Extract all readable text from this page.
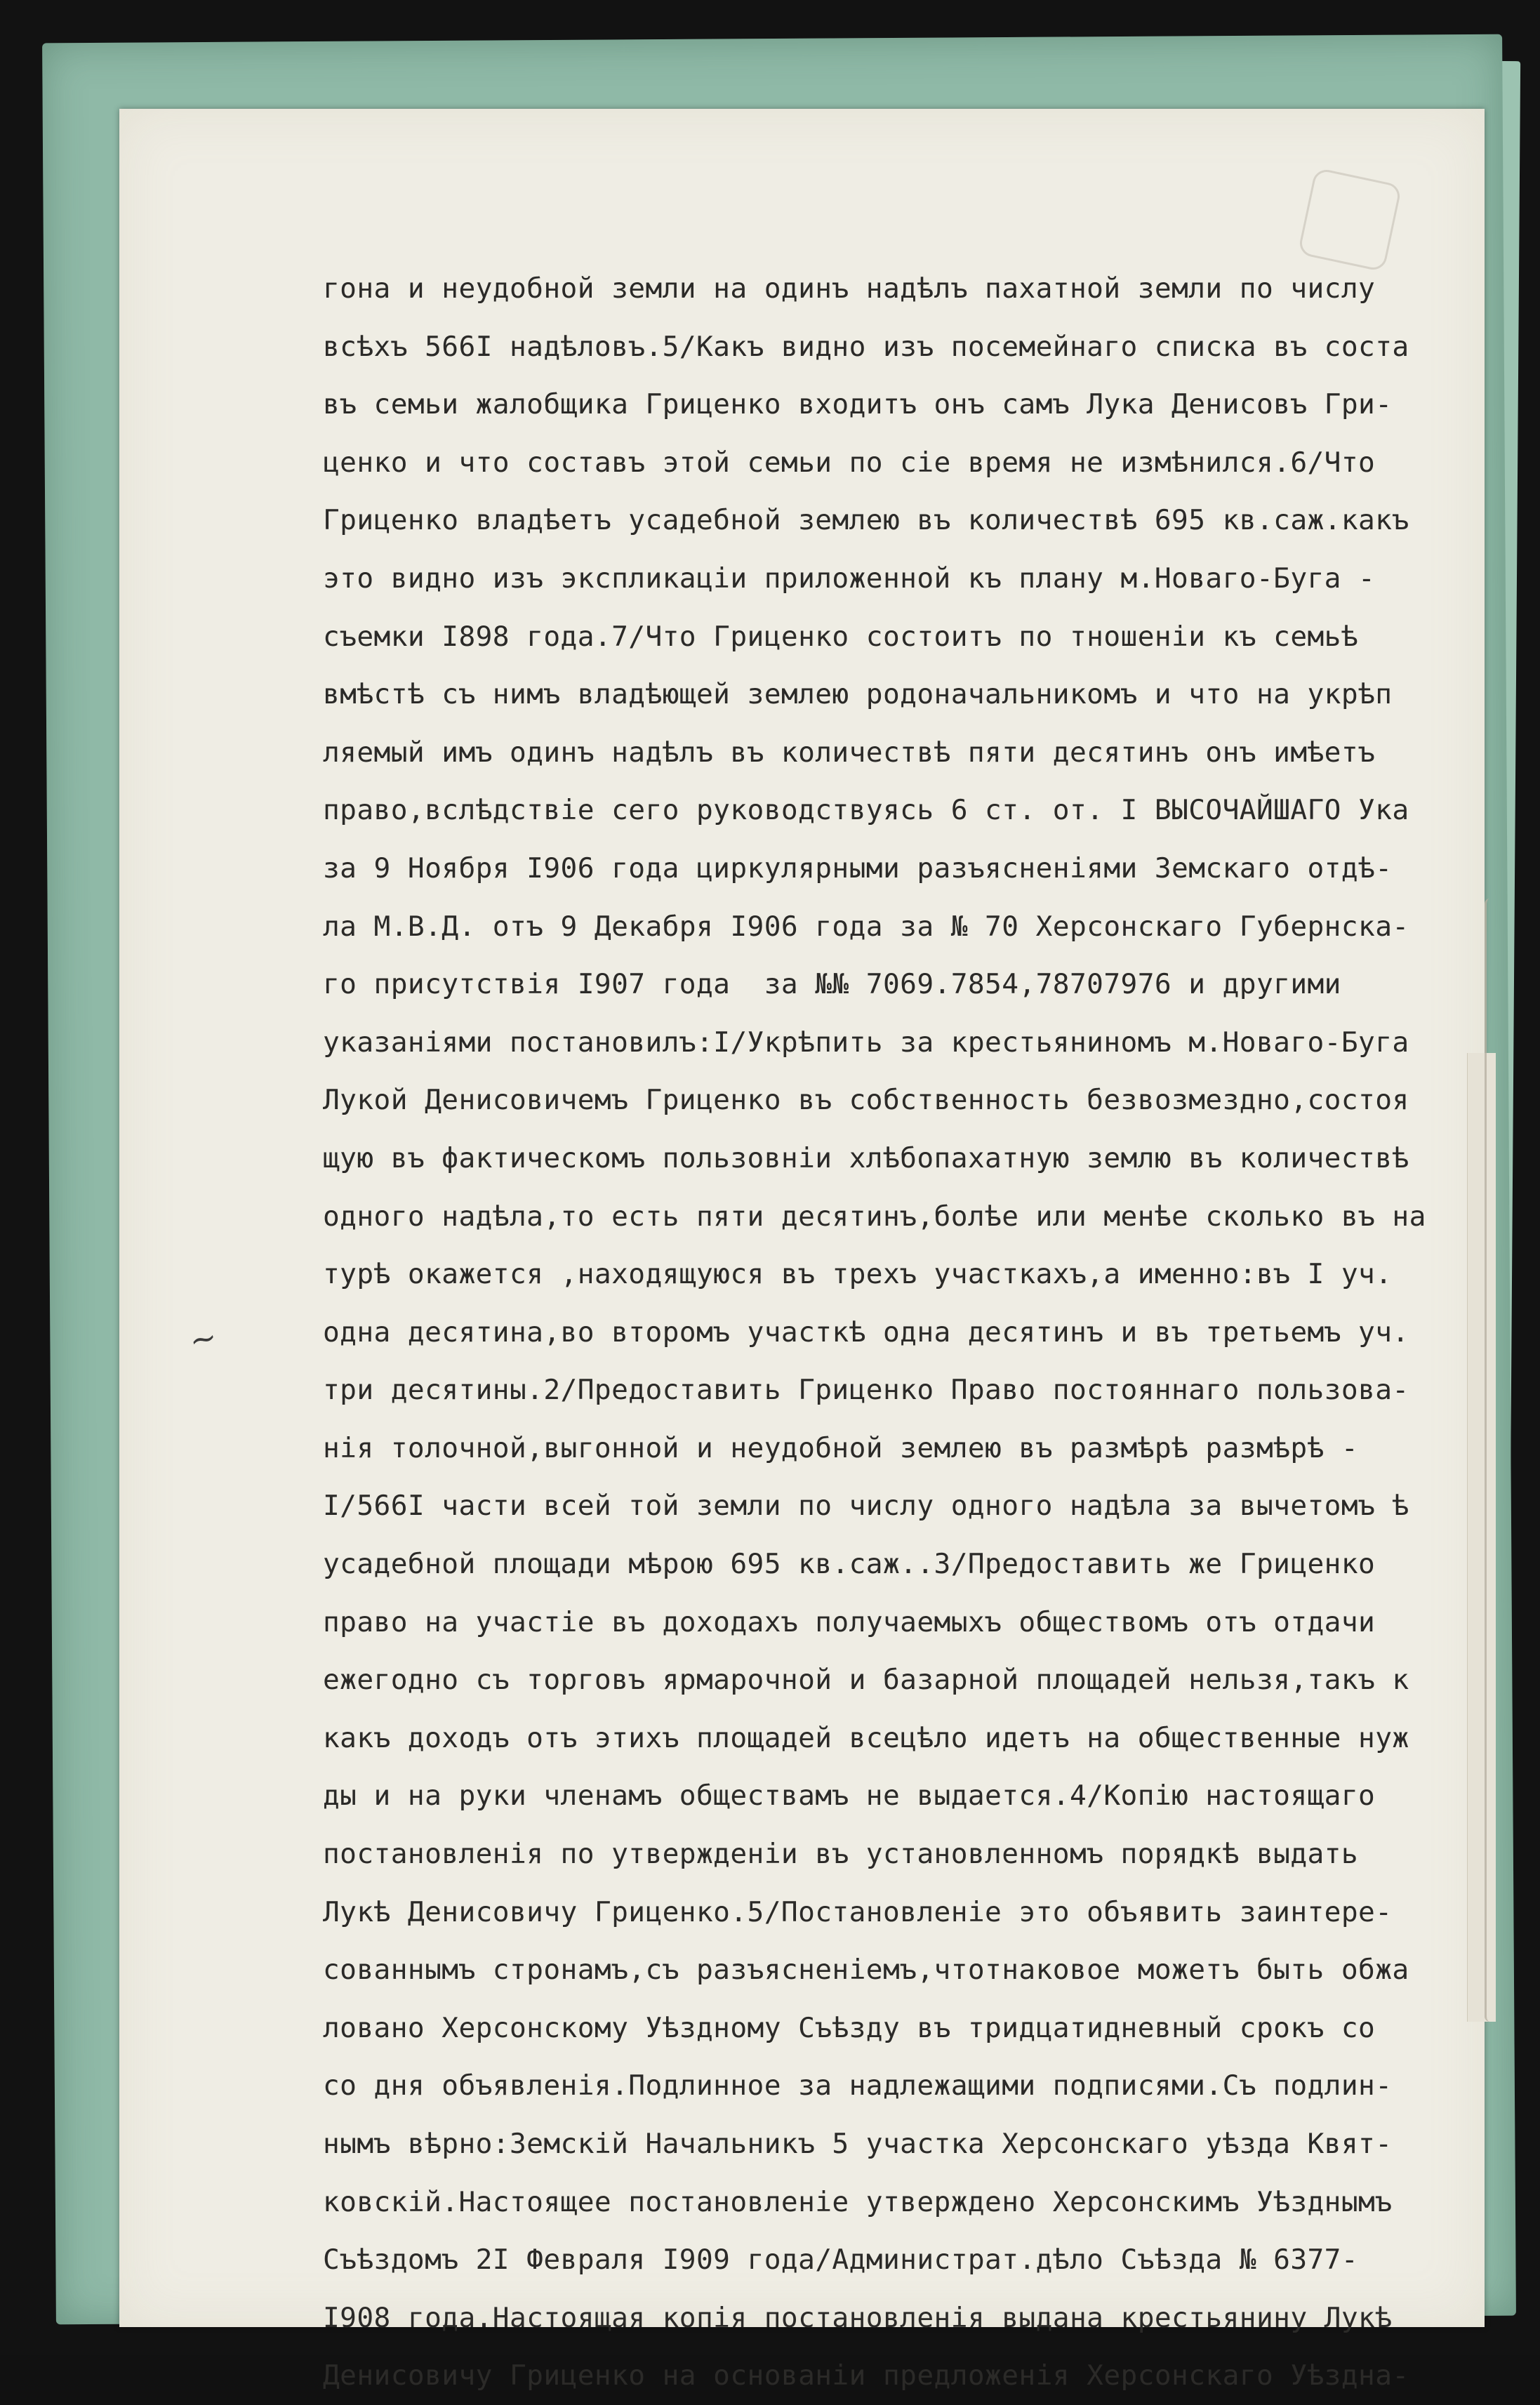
~
гона и неудобной земли на одинъ надѣлъ пахатной земли по числу
всѣхъ 566I надѣловъ.5/Какъ видно изъ посемейнаго списка въ соста
въ семьи жалобщика Гриценко входитъ онъ самъ Лука Денисовъ Гри-
ценко и что составъ этой семьи по сiе время не измѣнился.6/Что
Гриценко владѣетъ усадебной землею въ количествѣ 695 кв.саж.какъ
это видно изъ экспликацiи приложенной къ плану м.Новаго-Буга -
съемки I898 года.7/Что Гриценко состоитъ по тношенiи къ семьѣ
вмѣстѣ съ нимъ владѣющей землею родоначальникомъ и что на укрѣп
ляемый имъ одинъ надѣлъ въ количествѣ пяти десятинъ онъ имѣетъ
право,вслѣдствiе сего руководствуясь 6 ст. от. I ВЫСОЧАЙШАГО Ука
за 9 Ноября I906 года циркулярными разъясненiями Земскаго отдѣ-
ла М.В.Д. отъ 9 Декабря I906 года за № 70 Херсонскаго Губернска-
го присутствiя I907 года  за №№ 7069.7854,78707976 и другими
указанiями постановилъ:I/Укрѣпить за крестьяниномъ м.Новаго-Буга
Лукой Денисовичемъ Гриценко въ собственность безвозмездно,состоя
щую въ фактическомъ пользовнiи хлѣбопахатную землю въ количествѣ
одного надѣла,то есть пяти десятинъ,болѣе или менѣе сколько въ на
турѣ окажется ,находящуюся въ трехъ участкахъ,а именно:въ I уч.
одна десятина,во второмъ участкѣ одна десятинъ и въ третьемъ уч.
три десятины.2/Предоставить Гриценко Право постояннаго пользова-
нiя толочной,выгонной и неудобной землею въ размѣрѣ размѣрѣ -
I/566I части всей той земли по числу одного надѣла за вычетомъ ѣ
усадебной площади мѣрою 695 кв.саж..3/Предоставить же Гриценко
право на участiе въ доходахъ получаемыхъ обществомъ отъ отдачи
ежегодно съ торговъ ярмарочной и базарной площадей нельзя,такъ к
какъ доходъ отъ этихъ площадей всецѣло идетъ на общественные нуж
ды и на руки членамъ обществамъ не выдается.4/Копiю настоящаго
постановленiя по утвержденiи въ установленномъ порядкѣ выдать
Лукѣ Денисовичу Гриценко.5/Постановленiе это объявить заинтере-
сованнымъ стронамъ,съ разъясненiемъ,чтотнаковое можетъ быть обжа
ловано Херсонскому Уѣздному Съѣзду въ тридцатидневный срокъ со
со дня объявленiя.Подлинное за надлежащими подписями.Съ подлин-
нымъ вѣрно:Земскiй Начальникъ 5 участка Херсонскаго уѣзда Квят-
ковскiй.Настоящее постановленiе утверждено Херсонскимъ Уѣзднымъ
Съѣздомъ 2I Февраля I909 года/Администрат.дѣло Съѣзда № 6377-
I908 года.Настоящая копiя постановленiя выдана крестьянину Лукѣ
Денисовичу Гриценко на основанiи предложенiя Херсонскаго Уѣздна-
